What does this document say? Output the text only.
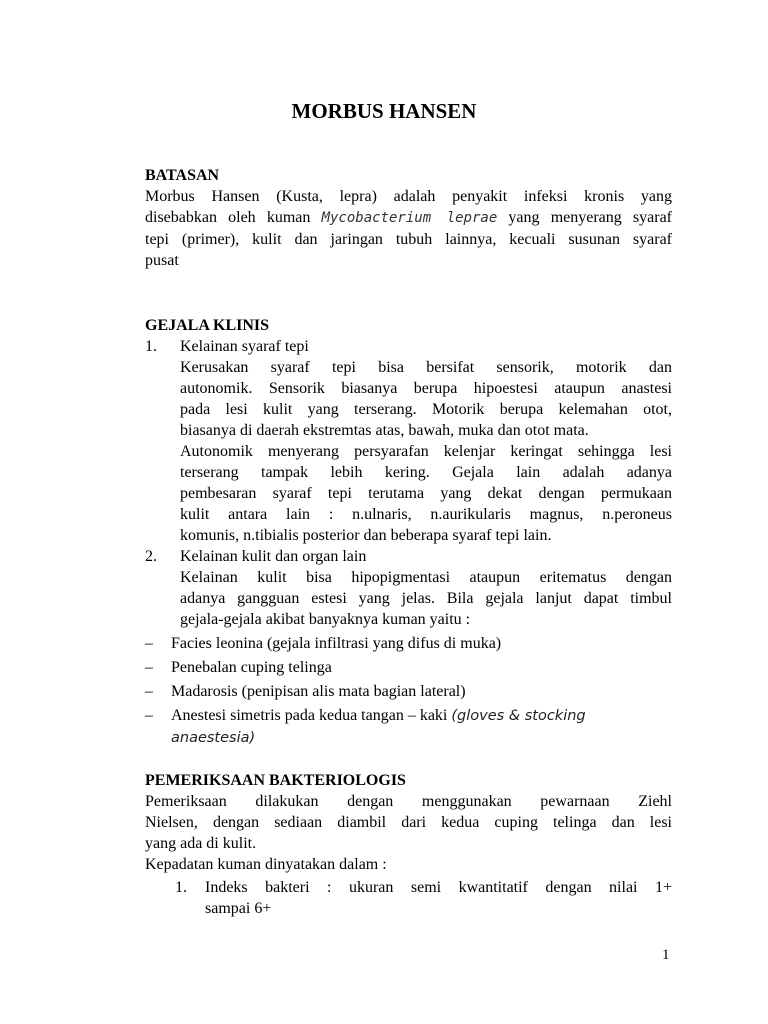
MORBUS HANSEN
BATASAN
Morbus Hansen (Kusta, lepra) adalah penyakit infeksi kronis yang
disebabkan oleh kuman Mycobacterium leprae yang menyerang syaraf
tepi (primer), kulit dan jaringan tubuh lainnya, kecuali susunan syaraf
pusat
GEJALA KLINIS
1.	Kelainan syaraf tepi
Kerusakan syaraf tepi bisa bersifat sensorik, motorik dan
autonomik. Sensorik biasanya berupa hipoestesi ataupun anastesi
pada lesi kulit yang terserang. Motorik berupa kelemahan otot,
biasanya di daerah ekstremtas atas, bawah, muka dan otot mata.
Autonomik menyerang persyarafan kelenjar keringat sehingga lesi
terserang tampak lebih kering. Gejala lain adalah adanya
pembesaran syaraf tepi terutama yang dekat dengan permukaan
kulit antara lain : n.ulnaris, n.aurikularis magnus, n.peroneus
komunis, n.tibialis posterior dan beberapa syaraf tepi lain.
2.	Kelainan kulit dan organ lain
Kelainan kulit bisa hipopigmentasi ataupun eritematus dengan
adanya gangguan estesi yang jelas. Bila gejala lanjut dapat timbul
gejala-gejala akibat banyaknya kuman yaitu :
–	Facies leonina (gejala infiltrasi yang difus di muka)
–	Penebalan cuping telinga
–	Madarosis (penipisan alis mata bagian lateral)
–	Anestesi simetris pada kedua tangan – kaki (gloves & stocking
anaestesia)
PEMERIKSAAN BAKTERIOLOGIS
Pemeriksaan dilakukan dengan menggunakan pewarnaan Ziehl
Nielsen, dengan sediaan diambil dari kedua cuping telinga dan lesi
yang ada di kulit.
Kepadatan kuman dinyatakan dalam :
1.	Indeks bakteri : ukuran semi kwantitatif dengan nilai 1+
sampai 6+
1
